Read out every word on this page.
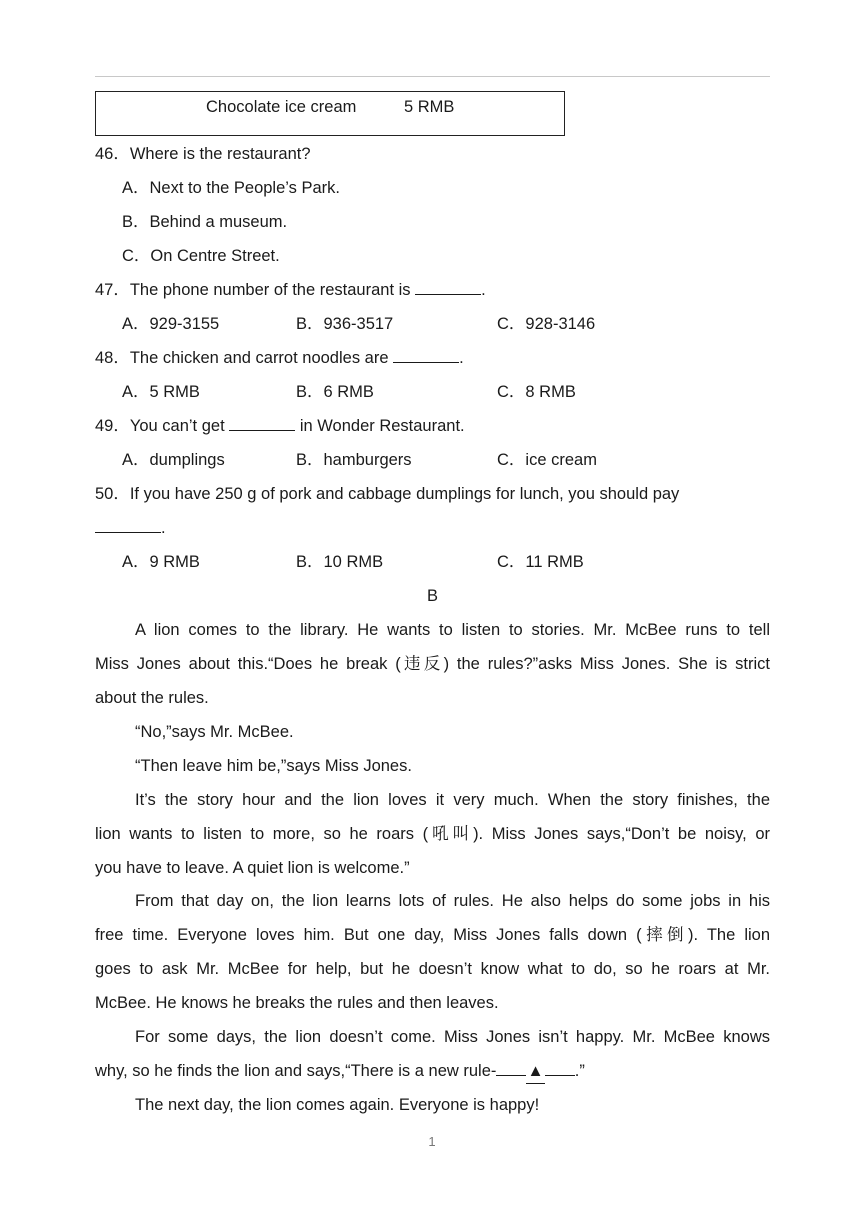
Chocolate ice cream	5 RMB
46．Where is the restaurant?
A．Next to the People’s Park.
B．Behind a museum.
C．On Centre Street.
47．The phone number of the restaurant is	.
A．929-3155	B．936-3517	C．928-3146
48．The chicken and carrot noodles are	.
A．5 RMB	B．6 RMB	C．8 RMB
49．You can’t get	in Wonder Restaurant.
A．dumplings	B．hamburgers	C．ice cream
50．If you have 250 g of pork and cabbage dumplings for lunch, you should pay
.
A．9 RMB	B．10 RMB	C．11 RMB
B
A lion comes to the library. He wants to listen to stories. Mr. McBee runs to tell
Miss Jones about this.“Does he break (违反) the rules?”asks Miss Jones. She is strict
about the rules.
“No,”says Mr. McBee.
“Then leave him be,”says Miss Jones.
It’s the story hour and the lion loves it very much. When the story finishes, the
lion wants to listen to more, so he roars (吼叫). Miss Jones says,“Don’t be noisy, or
you have to leave. A quiet lion is welcome.”
From that day on, the lion learns lots of rules. He also helps do some jobs in his
free time. Everyone loves him. But one day, Miss Jones falls down (摔倒). The lion
goes to ask Mr. McBee for help, but he doesn’t know what to do, so he roars at Mr.
McBee. He knows he breaks the rules and then leaves.
For some days, the lion doesn’t come. Miss Jones isn’t happy. Mr. McBee knows
why, so he finds the lion and says,“There is a new rule- ▲ .”
The next day, the lion comes again. Everyone is happy!
1
